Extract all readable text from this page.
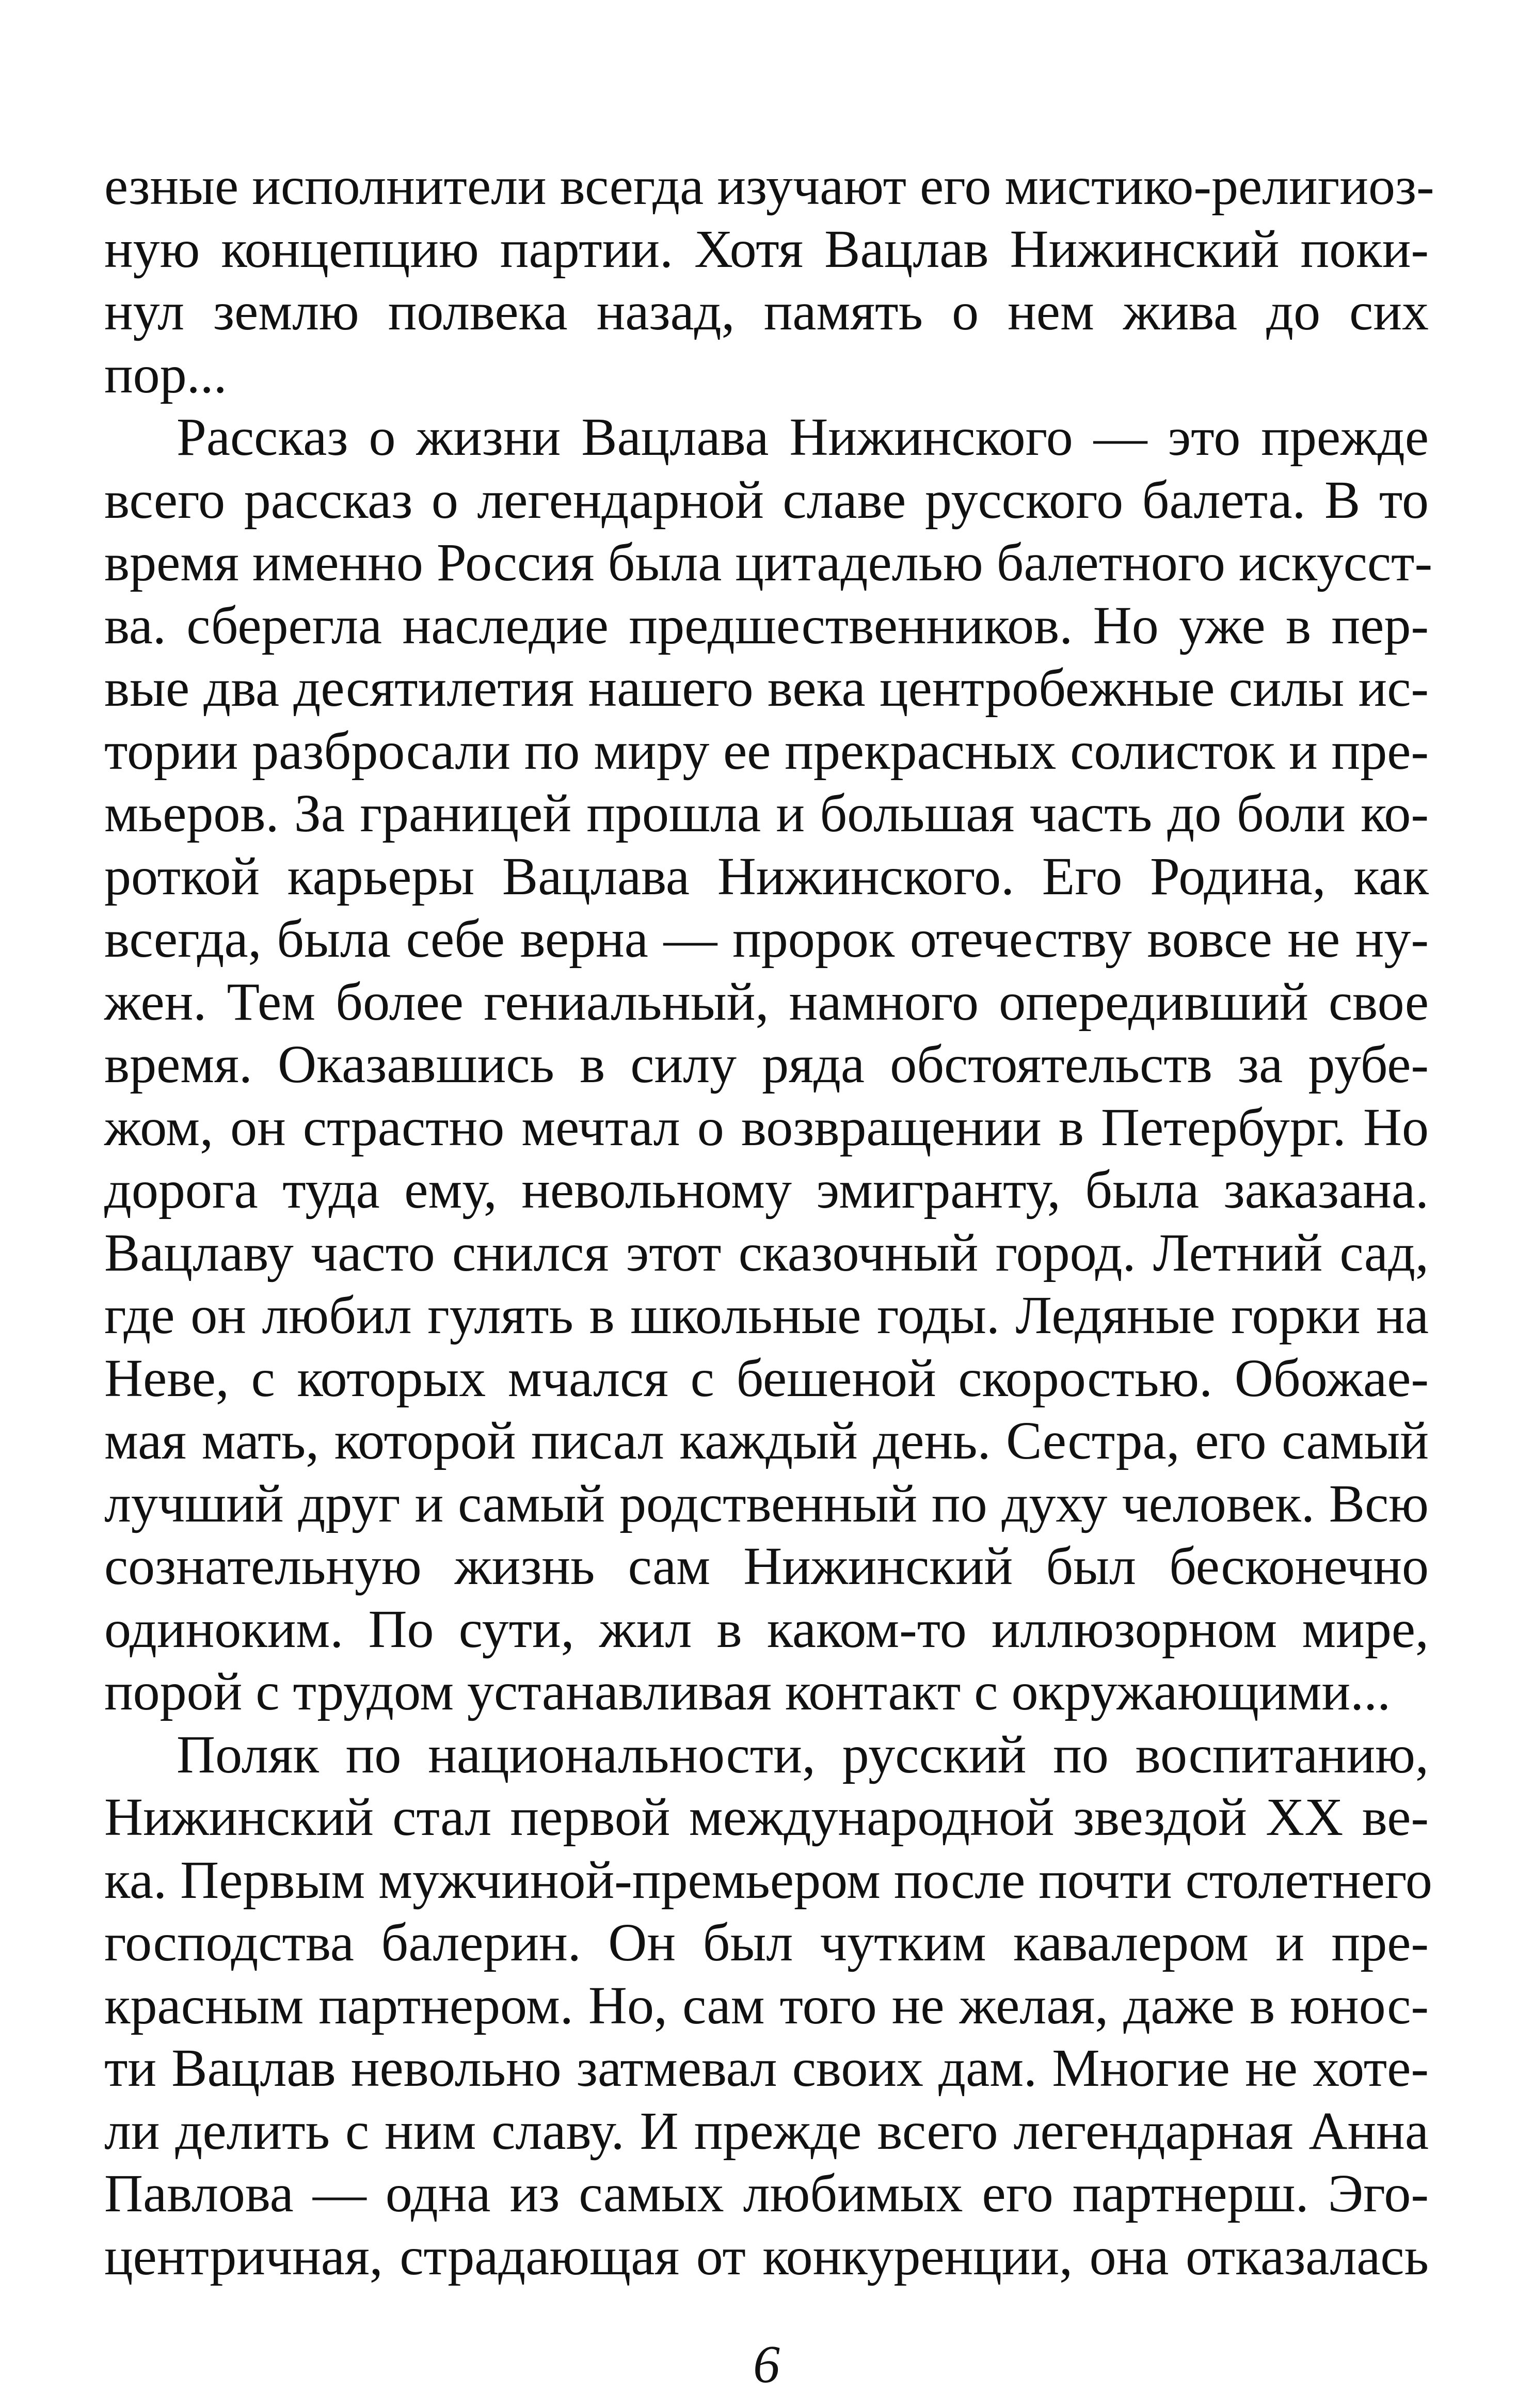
езные исполнители всегда изучают его мистико-религиоз-
ную концепцию партии. Хотя Вацлав Нижинский поки-
нул землю полвека назад, память о нем жива до сих
пор...
Рассказ о жизни Вацлава Нижинского — это прежде
всего рассказ о легендарной славе русского балета. В то
время именно Россия была цитаделью балетного искусст-
ва. сберегла наследие предшественников. Но уже в пер-
вые два десятилетия нашего века центробежные силы ис-
тории разбросали по миру ее прекрасных солисток и пре-
мьеров. За границей прошла и большая часть до боли ко-
роткой карьеры Вацлава Нижинского. Его Родина, как
всегда, была себе верна — пророк отечеству вовсе не ну-
жен. Тем более гениальный, намного опередивший свое
время. Оказавшись в силу ряда обстоятельств за рубе-
жом, он страстно мечтал о возвращении в Петербург. Но
дорога туда ему, невольному эмигранту, была заказана.
Вацлаву часто снился этот сказочный город. Летний сад,
где он любил гулять в школьные годы. Ледяные горки на
Неве, с которых мчался с бешеной скоростью. Обожае-
мая мать, которой писал каждый день. Сестра, его самый
лучший друг и самый родственный по духу человек. Всю
сознательную жизнь сам Нижинский был бесконечно
одиноким. По сути, жил в каком-то иллюзорном мире,
порой с трудом устанавливая контакт с окружающими...
Поляк по национальности, русский по воспитанию,
Нижинский стал первой международной звездой XX ве-
ка. Первым мужчиной-премьером после почти столетнего
господства балерин. Он был чутким кавалером и пре-
красным партнером. Но, сам того не желая, даже в юнос-
ти Вацлав невольно затмевал своих дам. Многие не хоте-
ли делить с ним славу. И прежде всего легендарная Анна
Павлова — одна из самых любимых его партнерш. Эго-
центричная, страдающая от конкуренции, она отказалась
6
